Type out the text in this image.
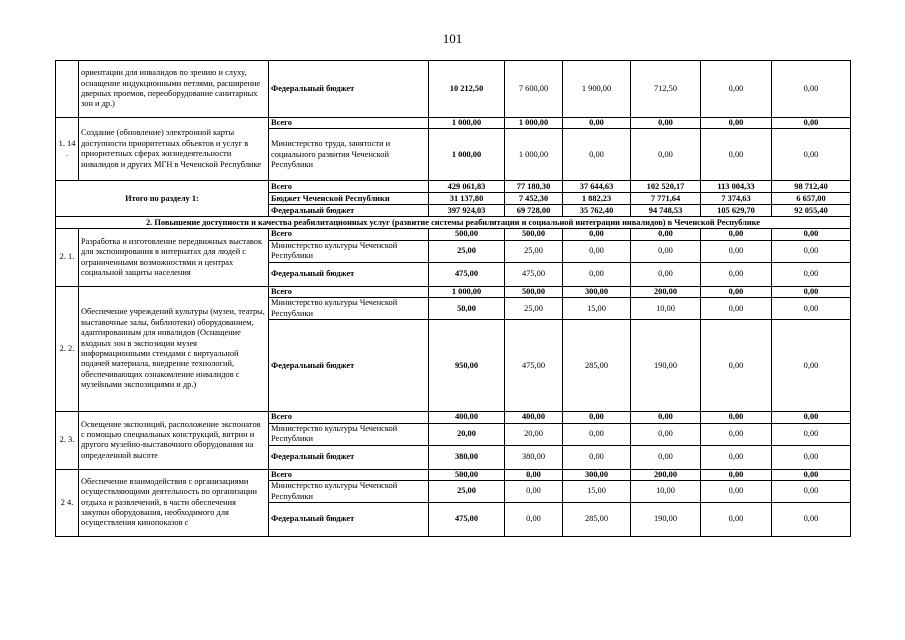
101
	ориентации для инвалидов по зрению и слуху, оснащение индукционными петлями, расширение дверных проемов, переоборудование санитарных зон и др.)	Федеральный бюджет	10 212,50	7 600,00	1 900,00	712,50	0,00	0,00
1. 14 .	Создание (обновление) электронной карты доступности приоритетных объектов и услуг в приоритетных сферах жизнедеятельности инвалидов и других МГН в Чеченской Республике	Всего	1 000,00	1 000,00	0,00	0,00	0,00	0,00
		Министерство труда, занятости и социального развития Чеченской Республики	1 000,00	1 000,00	0,00	0,00	0,00	0,00
Итого по разделу 1:		Всего	429 061,83	77 180,30	37 644,63	102 520,17	113 004,33	98 712,40
		Бюджет Чеченской Республики	31 137,80	7 452,30	1 882,23	7 771,64	7 374,63	6 657,00
		Федеральный бюджет	397 924,03	69 728,00	35 762,40	94 748,53	105 629,70	92 055,40
2. Повышение доступности и качества реабилитационных услуг (развитие системы реабилитации и социальной интеграции инвалидов) в Чеченской Республике								
2. 1.	Разработка и изготовление передвижных выставок для экспонирования в интернатах для людей с ограниченными возможностями и центрах социальной защиты населения	Всего	500,00	500,00	0,00	0,00	0,00	0,00
		Министерство культуры Чеченской Республики	25,00	25,00	0,00	0,00	0,00	0,00
		Федеральный бюджет	475,00	475,00	0,00	0,00	0,00	0,00
2. 2.	Обеспечение учреждений культуры (музеи, театры, выставочные залы, библиотеки) оборудованием, адаптированным для инвалидов (Оснащение входных зон в экспозиции музея информационными стендами с виртуальной подачей материала, внедрение технологий, обеспечивающих ознакомление инвалидов с музейными экспозициями и др.)	Всего	1 000,00	500,00	300,00	200,00	0,00	0,00
		Министерство культуры Чеченской Республики	50,00	25,00	15,00	10,00	0,00	0,00
		Федеральный бюджет	950,00	475,00	285,00	190,00	0,00	0,00
2. 3.	Освещение экспозиций, расположение экспонатов с помощью специальных конструкций, витрин и другого музейно-выставочного оборудования на определенной высоте	Всего	400,00	400,00	0,00	0,00	0,00	0,00
		Министерство культуры Чеченской Республики	20,00	20,00	0,00	0,00	0,00	0,00
		Федеральный бюджет	380,00	380,00	0,00	0,00	0,00	0,00
2 4.	Обеспечение взаимодействия с организациями осуществляющими деятельность по организации отдыха и развлечений, в части обеспечения закупки оборудования, необходимого для осуществления кинопоказов с	Всего	500,00	0,00	300,00	200,00	0,00	0,00
		Министерство культуры Чеченской Республики	25,00	0,00	15,00	10,00	0,00	0,00
		Федеральный бюджет	475,00	0,00	285,00	190,00	0,00	0,00
